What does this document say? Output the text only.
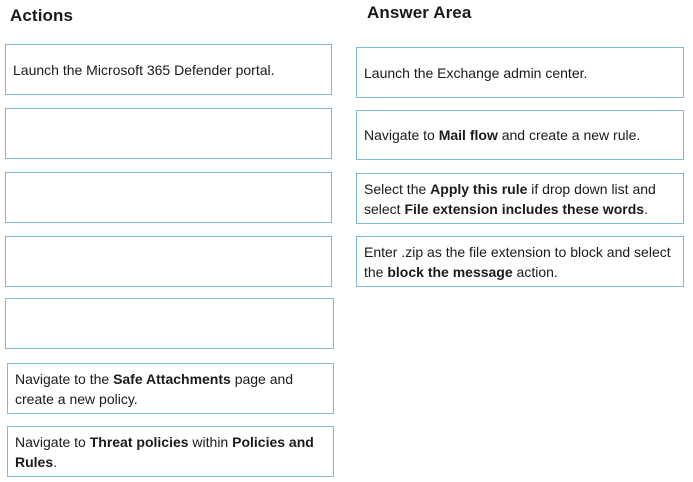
Actions	Answer Area
Launch the Microsoft 365 Defender portal.
Navigate to the Safe Attachments page and create a new policy.
Navigate to Threat policies within Policies and Rules.
Launch the Exchange admin center.
Navigate to Mail flow and create a new rule.
Select the Apply this rule if drop down list and select File extension includes these words.
Enter .zip as the file extension to block and select the block the message action.
